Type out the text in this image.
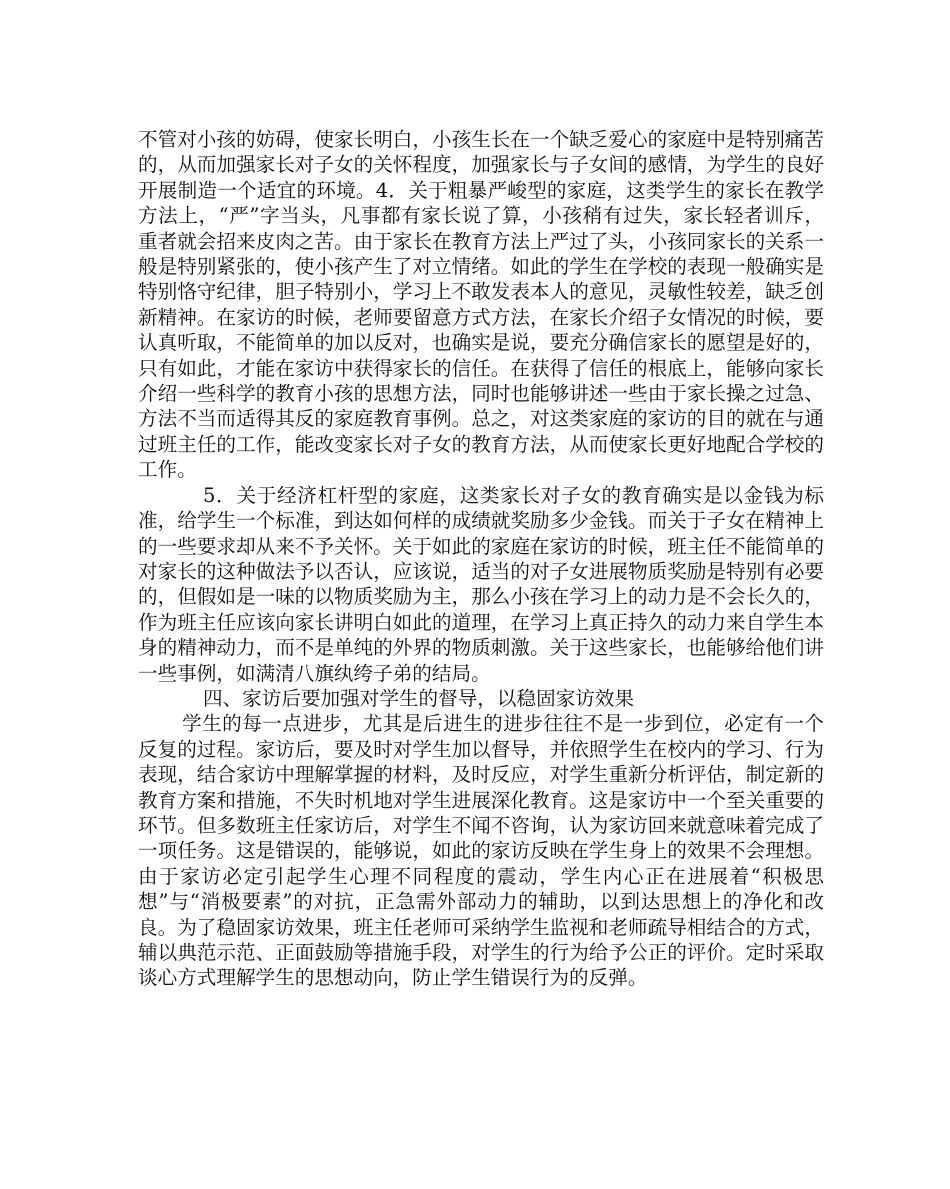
不管对小孩的妨碍，使家长明白，小孩生长在一个缺乏爱心的家庭中是特别痛苦的，从而加强家长对子女的关怀程度，加强家长与子女间的感情，为学生的良好开展制造一个适宜的环境。4．关于粗暴严峻型的家庭，这类学生的家长在教学方法上，“严”字当头，凡事都有家长说了算，小孩稍有过失，家长轻者训斥，重者就会招来皮肉之苦。由于家长在教育方法上严过了头，小孩同家长的关系一般是特别紧张的，使小孩产生了对立情绪。如此的学生在学校的表现一般确实是特别恪守纪律，胆子特别小，学习上不敢发表本人的意见，灵敏性较差，缺乏创新精神。在家访的时候，老师要留意方式方法，在家长介绍子女情况的时候，要认真听取，不能简单的加以反对，也确实是说，要充分确信家长的愿望是好的，只有如此，才能在家访中获得家长的信任。在获得了信任的根底上，能够向家长介绍一些科学的教育小孩的思想方法，同时也能够讲述一些由于家长操之过急、方法不当而适得其反的家庭教育事例。总之，对这类家庭的家访的目的就在与通过班主任的工作，能改变家长对子女的教育方法，从而使家长更好地配合学校的工作。

5．关于经济杠杆型的家庭，这类家长对子女的教育确实是以金钱为标准，给学生一个标准，到达如何样的成绩就奖励多少金钱。而关于子女在精神上的一些要求却从来不予关怀。关于如此的家庭在家访的时候，班主任不能简单的对家长的这种做法予以否认，应该说，适当的对子女进展物质奖励是特别有必要的，但假如是一味的以物质奖励为主，那么小孩在学习上的动力是不会长久的，作为班主任应该向家长讲明白如此的道理，在学习上真正持久的动力来自学生本身的精神动力，而不是单纯的外界的物质刺激。关于这些家长，也能够给他们讲一些事例，如满清八旗纨绔子弟的结局。

四、家访后要加强对学生的督导，以稳固家访效果

学生的每一点进步，尤其是后进生的进步往往不是一步到位，必定有一个反复的过程。家访后，要及时对学生加以督导，并依照学生在校内的学习、行为表现，结合家访中理解掌握的材料，及时反应，对学生重新分析评估，制定新的教育方案和措施，不失时机地对学生进展深化教育。这是家访中一个至关重要的环节。但多数班主任家访后，对学生不闻不咨询，认为家访回来就意味着完成了一项任务。这是错误的，能够说，如此的家访反映在学生身上的效果不会理想。由于家访必定引起学生心理不同程度的震动，学生内心正在进展着“积极思想”与“消极要素”的对抗，正急需外部动力的辅助，以到达思想上的净化和改良。为了稳固家访效果，班主任老师可采纳学生监视和老师疏导相结合的方式，辅以典范示范、正面鼓励等措施手段，对学生的行为给予公正的评价。定时采取谈心方式理解学生的思想动向，防止学生错误行为的反弹。
